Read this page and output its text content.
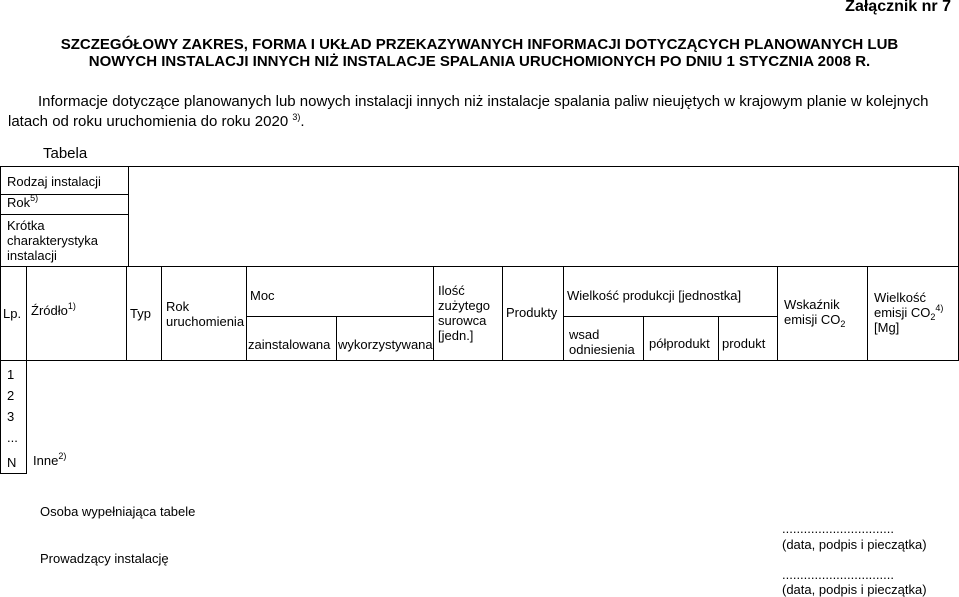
Załącznik nr 7
SZCZEGÓŁOWY ZAKRES, FORMA I UKŁAD PRZEKAZYWANYCH INFORMACJI DOTYCZĄCYCH PLANOWANYCH LUB
NOWYCH INSTALACJI INNYCH NIŻ INSTALACJE SPALANIA URUCHOMIONYCH PO DNIU 1 STYCZNIA 2008 R.
Informacje dotyczące planowanych lub nowych instalacji innych niż instalacje spalania paliw nieujętych w krajowym planie w kolejnych latach od roku uruchomienia do roku 2020 $^{3)}$.
Tabela
Rodzaj instalacji
Rok$^{5)}$
Krótka
charakterystyka
instalacji
Lp. Źródło$^{1)}$	Typ Rok
uruchomienia
Moc
zainstalowana wykorzystywana
Ilość
zużytego
surowca
[jedn.]
Produkty
Wielkość produkcji [jednostka]
wsad
odniesienia półprodukt produkt
Wskaźnik
emisji $CO_2$
Wielkość
emisji $CO_2^{4)}$
[Mg]
1
2
3
...
N Inne$^{2)}$
Osoba wypełniająca tabele
Prowadzący instalację
...............................
(data, podpis i pieczątka)
...............................
(data, podpis i pieczątka)
